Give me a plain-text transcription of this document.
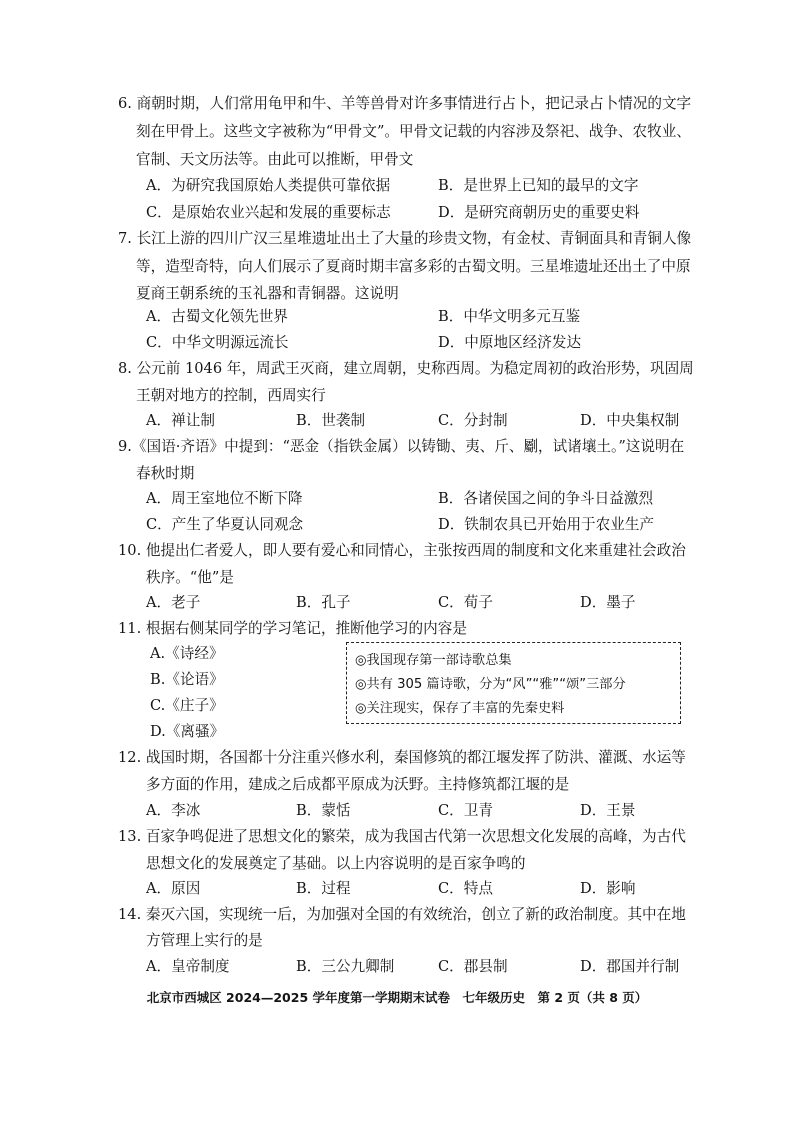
6. 商朝时期，人们常用龟甲和牛、羊等兽骨对许多事情进行占卜，把记录占卜情况的文字
刻在甲骨上。这些文字被称为“甲骨文”。甲骨文记载的内容涉及祭祀、战争、农牧业、
官制、天文历法等。由此可以推断，甲骨文
A．为研究我国原始人类提供可靠依据	B．是世界上已知的最早的文字
C．是原始农业兴起和发展的重要标志	D．是研究商朝历史的重要史料
7. 长江上游的四川广汉三星堆遗址出土了大量的珍贵文物，有金杖、青铜面具和青铜人像
等，造型奇特，向人们展示了夏商时期丰富多彩的古蜀文明。三星堆遗址还出土了中原
夏商王朝系统的玉礼器和青铜器。这说明
A．古蜀文化领先世界	B．中华文明多元互鉴
C．中华文明源远流长	D．中原地区经济发达
8. 公元前 1046 年，周武王灭商，建立周朝，史称西周。为稳定周初的政治形势，巩固周
王朝对地方的控制，西周实行
A．禅让制	B．世袭制	C．分封制	D．中央集权制
9.《国语·齐语》中提到：“恶金（指铁金属）以铸锄、夷、斤、劚，试诸壤土。”这说明在
春秋时期
A．周王室地位不断下降	B．各诸侯国之间的争斗日益激烈
C．产生了华夏认同观念	D．铁制农具已开始用于农业生产
10. 他提出仁者爱人，即人要有爱心和同情心，主张按西周的制度和文化来重建社会政治
秩序。“他”是
A．老子	B．孔子	C．荀子	D．墨子
11. 根据右侧某同学的学习笔记，推断他学习的内容是
A.《诗经》
B.《论语》
C.《庄子》
D.《离骚》
◎我国现存第一部诗歌总集
◎共有 305 篇诗歌，分为“风”“雅”“颂”三部分
◎关注现实，保存了丰富的先秦史料
12. 战国时期，各国都十分注重兴修水利，秦国修筑的都江堰发挥了防洪、灌溉、水运等
多方面的作用，建成之后成都平原成为沃野。主持修筑都江堰的是
A．李冰	B．蒙恬	C．卫青	D．王景
13. 百家争鸣促进了思想文化的繁荣，成为我国古代第一次思想文化发展的高峰，为古代
思想文化的发展奠定了基础。以上内容说明的是百家争鸣的
A．原因	B．过程	C．特点	D．影响
14. 秦灭六国，实现统一后，为加强对全国的有效统治，创立了新的政治制度。其中在地
方管理上实行的是
A．皇帝制度	B．三公九卿制	C．郡县制	D．郡国并行制
北京市西城区 2024—2025 学年度第一学期期末试卷　七年级历史　第 2 页（共 8 页）
